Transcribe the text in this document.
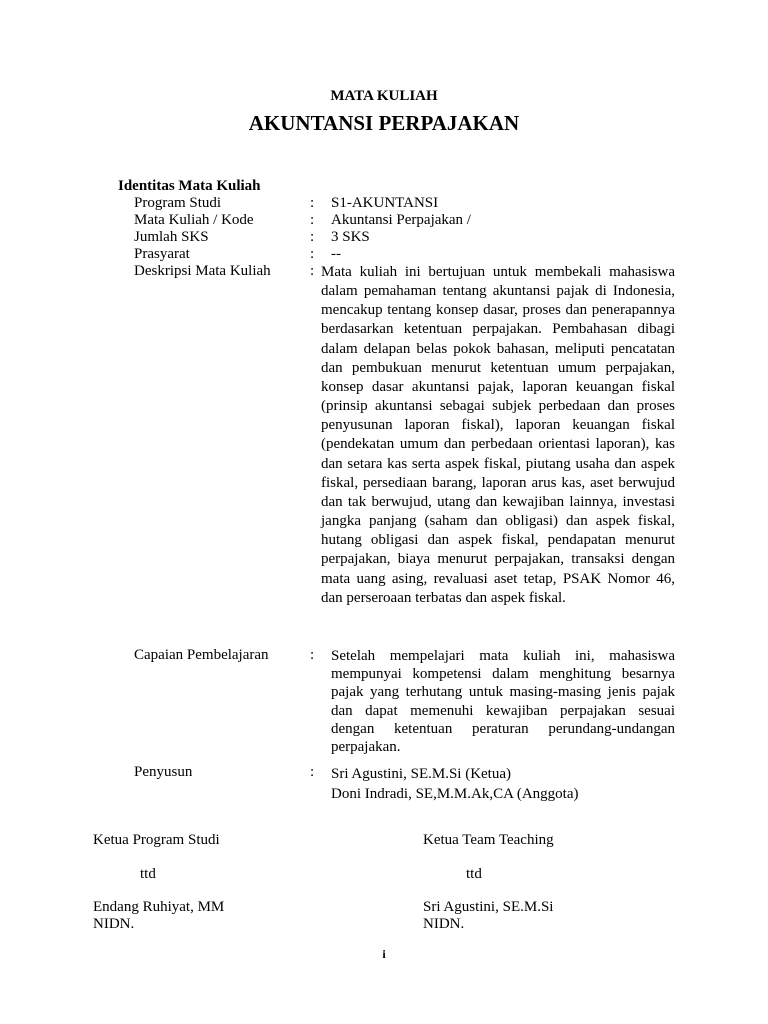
MATA KULIAH
AKUNTANSI PERPAJAKAN
Identitas Mata Kuliah
Program Studi	: S1-AKUNTANSI
Mata Kuliah / Kode	: Akuntansi Perpajakan /
Jumlah SKS	: 3 SKS
Prasyarat	: --
Deskripsi Mata Kuliah	: Mata kuliah ini bertujuan untuk membekali mahasiswa dalam pemahaman tentang akuntansi pajak di Indonesia, mencakup tentang konsep dasar, proses dan penerapannya berdasarkan ketentuan perpajakan. Pembahasan dibagi dalam delapan belas pokok bahasan, meliputi pencatatan dan pembukuan menurut ketentuan umum perpajakan, konsep dasar akuntansi pajak, laporan keuangan fiskal (prinsip akuntansi sebagai subjek perbedaan dan proses penyusunan laporan fiskal), laporan keuangan fiskal (pendekatan umum dan perbedaan orientasi laporan), kas dan setara kas serta aspek fiskal, piutang usaha dan aspek fiskal, persediaan barang, laporan arus kas, aset berwujud dan tak berwujud, utang dan kewajiban lainnya, investasi jangka panjang (saham dan obligasi) dan aspek fiskal, hutang obligasi dan aspek fiskal, pendapatan menurut perpajakan, biaya menurut perpajakan, transaksi dengan mata uang asing, revaluasi aset tetap, PSAK Nomor 46, dan perseroaan terbatas dan aspek fiskal.
Capaian Pembelajaran	: Setelah mempelajari mata kuliah ini, mahasiswa mempunyai kompetensi dalam menghitung besarnya pajak yang terhutang untuk masing-masing jenis pajak dan dapat memenuhi kewajiban perpajakan sesuai dengan ketentuan peraturan perundang-undangan perpajakan.
Penyusun	: Sri Agustini, SE.M.Si (Ketua)
Doni Indradi, SE,M.M.Ak,CA (Anggota)
Ketua Program Studi
ttd
Endang Ruhiyat, MM
NIDN.
Ketua Team Teaching
ttd
Sri Agustini, SE.M.Si
NIDN.
i
